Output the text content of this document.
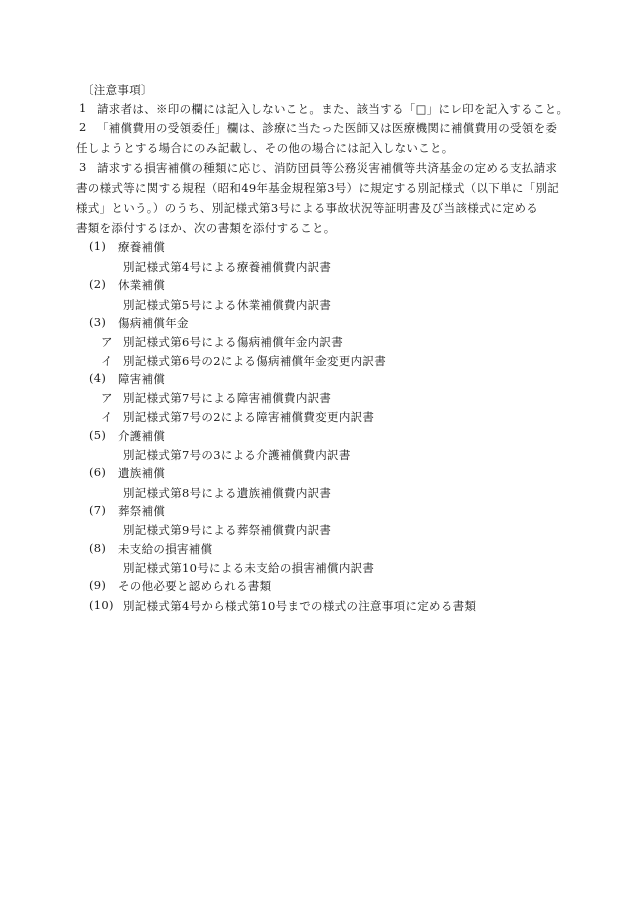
〔注意事項〕
1 請求者は、※印の欄には記入しないこと。また、該当する「□」にレ印を記入すること。
2 「補償費用の受領委任」欄は、診療に当たった医師又は医療機関に補償費用の受領を委
任しようとする場合にのみ記載し、その他の場合には記入しないこと。
3 請求する損害補償の種類に応じ、消防団員等公務災害補償等共済基金の定める支払請求
書の様式等に関する規程（昭和49年基金規程第3号）に規定する別記様式（以下単に「別記
様式」という。）のうち、別記様式第3号による事故状況等証明書及び当該様式に定める
書類を添付するほか、次の書類を添付すること。
(1) 療養補償
別記様式第4号による療養補償費内訳書
(2) 休業補償
別記様式第5号による休業補償費内訳書
(3) 傷病補償年金
ア 別記様式第6号による傷病補償年金内訳書
イ 別記様式第6号の2による傷病補償年金変更内訳書
(4) 障害補償
ア 別記様式第7号による障害補償費内訳書
イ 別記様式第7号の2による障害補償費変更内訳書
(5) 介護補償
別記様式第7号の3による介護補償費内訳書
(6) 遺族補償
別記様式第8号による遺族補償費内訳書
(7) 葬祭補償
別記様式第9号による葬祭補償費内訳書
(8) 未支給の損害補償
別記様式第10号による未支給の損害補償内訳書
(9) その他必要と認められる書類
(10) 別記様式第4号から様式第10号までの様式の注意事項に定める書類
